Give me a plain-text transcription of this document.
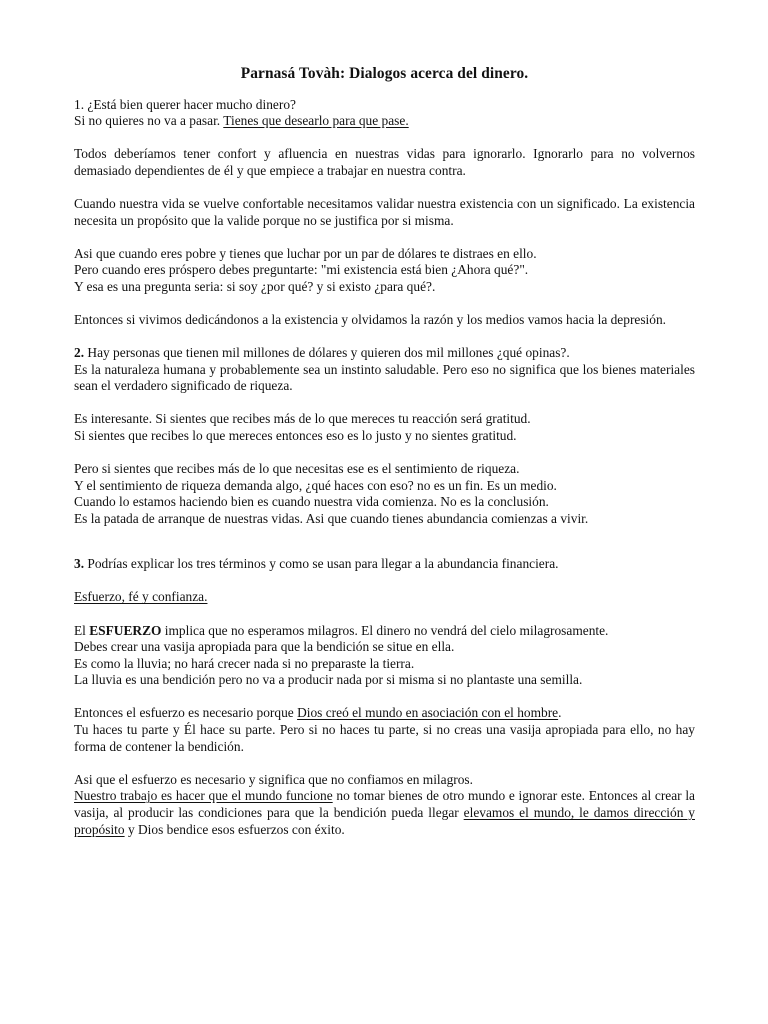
Parnasá Tovàh: Dialogos acerca del dinero.
1. ¿Está bien querer hacer mucho dinero?
Si no quieres no va a pasar. Tienes que desearlo para que pase.
Todos deberíamos tener confort y afluencia en nuestras vidas para ignorarlo. Ignorarlo para no volvernos demasiado dependientes de él y que empiece a trabajar en nuestra contra.
Cuando nuestra vida se vuelve confortable necesitamos validar nuestra existencia con un significado. La existencia necesita un propósito que la valide porque no se justifica por si misma.
Asi que cuando eres pobre y tienes que luchar por un par de dólares te distraes en ello.
Pero cuando eres próspero debes preguntarte: "mi existencia está bien ¿Ahora qué?".
Y esa es una pregunta seria: si soy ¿por qué? y si existo ¿para qué?.
Entonces si vivimos dedicándonos a la existencia y olvidamos la razón y los medios vamos hacia la depresión.
2. Hay personas que tienen mil millones de dólares y quieren dos mil millones ¿qué opinas?.
Es la naturaleza humana y probablemente sea un instinto saludable. Pero eso no significa que los bienes materiales sean el verdadero significado de riqueza.
Es interesante. Si sientes que recibes más de lo que mereces tu reacción será gratitud.
Si sientes que recibes lo que mereces entonces eso es lo justo y no sientes gratitud.
Pero si sientes que recibes más de lo que necesitas ese es el sentimiento de riqueza.
Y el sentimiento de riqueza demanda algo, ¿qué haces con eso? no es un fin. Es un medio.
Cuando lo estamos haciendo bien es cuando nuestra vida comienza. No es la conclusión.
Es la patada de arranque de nuestras vidas. Asi que cuando tienes abundancia comienzas a vivir.
3. Podrías explicar los tres términos y como se usan para llegar a la abundancia financiera.
Esfuerzo, fé y confianza.
El ESFUERZO implica que no esperamos milagros. El dinero no vendrá del cielo milagrosamente.
Debes crear una vasija apropiada para que la bendición se situe en ella.
Es como la lluvia; no hará crecer nada si no preparaste la tierra.
La lluvia es una bendición pero no va a producir nada por si misma si no plantaste una semilla.
Entonces el esfuerzo es necesario porque Dios creó el mundo en asociación con el hombre.
Tu haces tu parte y Él hace su parte. Pero si no haces tu parte, si no creas una vasija apropiada para ello, no hay forma de contener la bendición.
Asi que el esfuerzo es necesario y significa que no confiamos en milagros.
Nuestro trabajo es hacer que el mundo funcione no tomar bienes de otro mundo e ignorar este. Entonces al crear la vasija, al producir las condiciones para que la bendición pueda llegar elevamos el mundo, le damos dirección y propósito y Dios bendice esos esfuerzos con éxito.
